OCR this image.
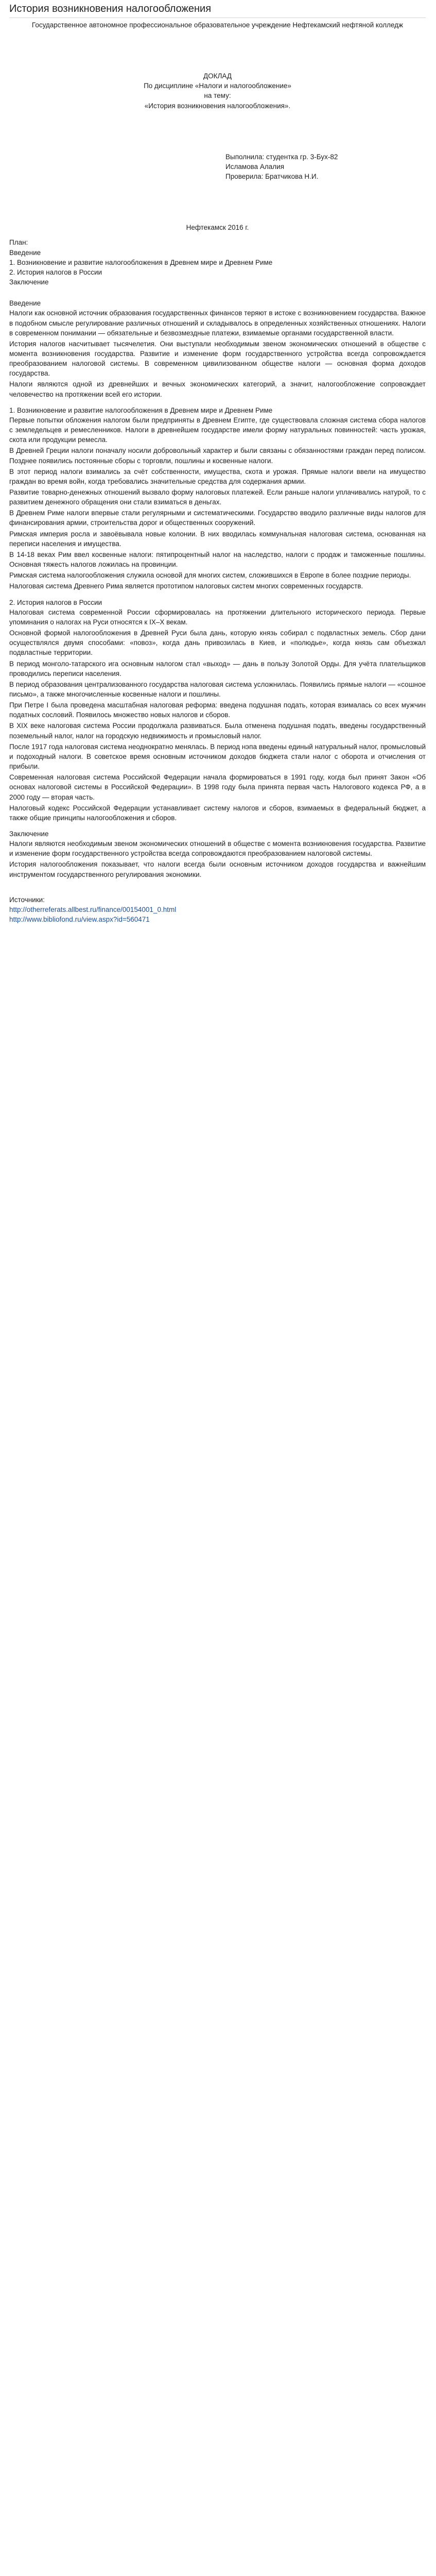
История возникновения налогообложения

Государственное автономное профессиональное образовательное учреждение Нефтекамский нефтяной колледж

ДОКЛАД

По дисциплине «Налоги и налогообложение»

на тему:

«История возникновения налогообложения».

Выполнила: студентка гр. 3-Бух-82

Исламова Алалия

Проверила: Братчикова Н.И.

Нефтекамск 2016 г.

План:

Введение

1. Возникновение и развитие налогообложения в Древнем мире и Древнем Риме

2. История налогов в России

Заключение

Введение

Налоги как основной источник образования государственных финансов теряют в истоке с возникновением государства. Важное в подобном смысле регулирование различных отношений и складывалось в определенных хозяйственных отношениях. Налоги в современном понимании — обязательные и безвозмездные платежи, взимаемые органами государственной власти.

История налогов насчитывает тысячелетия. Они выступали необходимым звеном экономических отношений в обществе с момента возникновения государства. Развитие и изменение форм государственного устройства всегда сопровождается преобразованием налоговой системы. В современном цивилизованном обществе налоги — основная форма доходов государства.

Налоги являются одной из древнейших и вечных экономических категорий, а значит, налогообложение сопровождает человечество на протяжении всей его истории.

1. Возникновение и развитие налогообложения в Древнем мире и Древнем Риме

Первые попытки обложения налогом были предприняты в Древнем Египте, где существовала сложная система сбора налогов с земледельцев и ремесленников. Налоги в древнейшем государстве имели форму натуральных повинностей: часть урожая, скота или продукции ремесла.

В Древней Греции налоги поначалу носили добровольный характер и были связаны с обязанностями граждан перед полисом. Позднее появились постоянные сборы с торговли, пошлины и косвенные налоги.

В этот период налоги взимались за счёт собственности, имущества, скота и урожая. Прямые налоги ввели на имущество граждан во время войн, когда требовались значительные средства для содержания армии.

Развитие товарно-денежных отношений вызвало форму налоговых платежей. Если раньше налоги уплачивались натурой, то с развитием денежного обращения они стали взиматься в деньгах.

В Древнем Риме налоги впервые стали регулярными и систематическими. Государство вводило различные виды налогов для финансирования армии, строительства дорог и общественных сооружений.

Римская империя росла и завоёвывала новые колонии. В них вводилась коммунальная налоговая система, основанная на переписи населения и имущества.

В 14-18 веках Рим ввел косвенные налоги: пятипроцентный налог на наследство, налоги с продаж и таможенные пошлины. Основная тяжесть налогов ложилась на провинции.

Римская система налогообложения служила основой для многих систем, сложившихся в Европе в более поздние периоды.

Налоговая система Древнего Рима является прототипом налоговых систем многих современных государств.

2. История налогов в России

Налоговая система современной России сформировалась на протяжении длительного исторического периода. Первые упоминания о налогах на Руси относятся к IX–X векам.

Основной формой налогообложения в Древней Руси была дань, которую князь собирал с подвластных земель. Сбор дани осуществлялся двумя способами: «повоз», когда дань привозилась в Киев, и «полюдье», когда князь сам объезжал подвластные территории.

В период монголо-татарского ига основным налогом стал «выход» — дань в пользу Золотой Орды. Для учёта плательщиков проводились переписи населения.

В период образования централизованного государства налоговая система усложнилась. Появились прямые налоги — «сошное письмо», а также многочисленные косвенные налоги и пошлины.

При Петре I была проведена масштабная налоговая реформа: введена подушная подать, которая взималась со всех мужчин податных сословий. Появилось множество новых налогов и сборов.

В XIX веке налоговая система России продолжала развиваться. Была отменена подушная подать, введены государственный поземельный налог, налог на городскую недвижимость и промысловый налог.

После 1917 года налоговая система неоднократно менялась. В период нэпа введены единый натуральный налог, промысловый и подоходный налоги. В советское время основным источником доходов бюджета стали налог с оборота и отчисления от прибыли.

Современная налоговая система Российской Федерации начала формироваться в 1991 году, когда был принят Закон «Об основах налоговой системы в Российской Федерации». В 1998 году была принята первая часть Налогового кодекса РФ, а в 2000 году — вторая часть.

Налоговый кодекс Российской Федерации устанавливает систему налогов и сборов, взимаемых в федеральный бюджет, а также общие принципы налогообложения и сборов.

Заключение

Налоги являются необходимым звеном экономических отношений в обществе с момента возникновения государства. Развитие и изменение форм государственного устройства всегда сопровождаются преобразованием налоговой системы.

История налогообложения показывает, что налоги всегда были основным источником доходов государства и важнейшим инструментом государственного регулирования экономики.

Источники:

http://otherreferats.allbest.ru/finance/00154001_0.html
http://www.bibliofond.ru/view.aspx?id=560471
